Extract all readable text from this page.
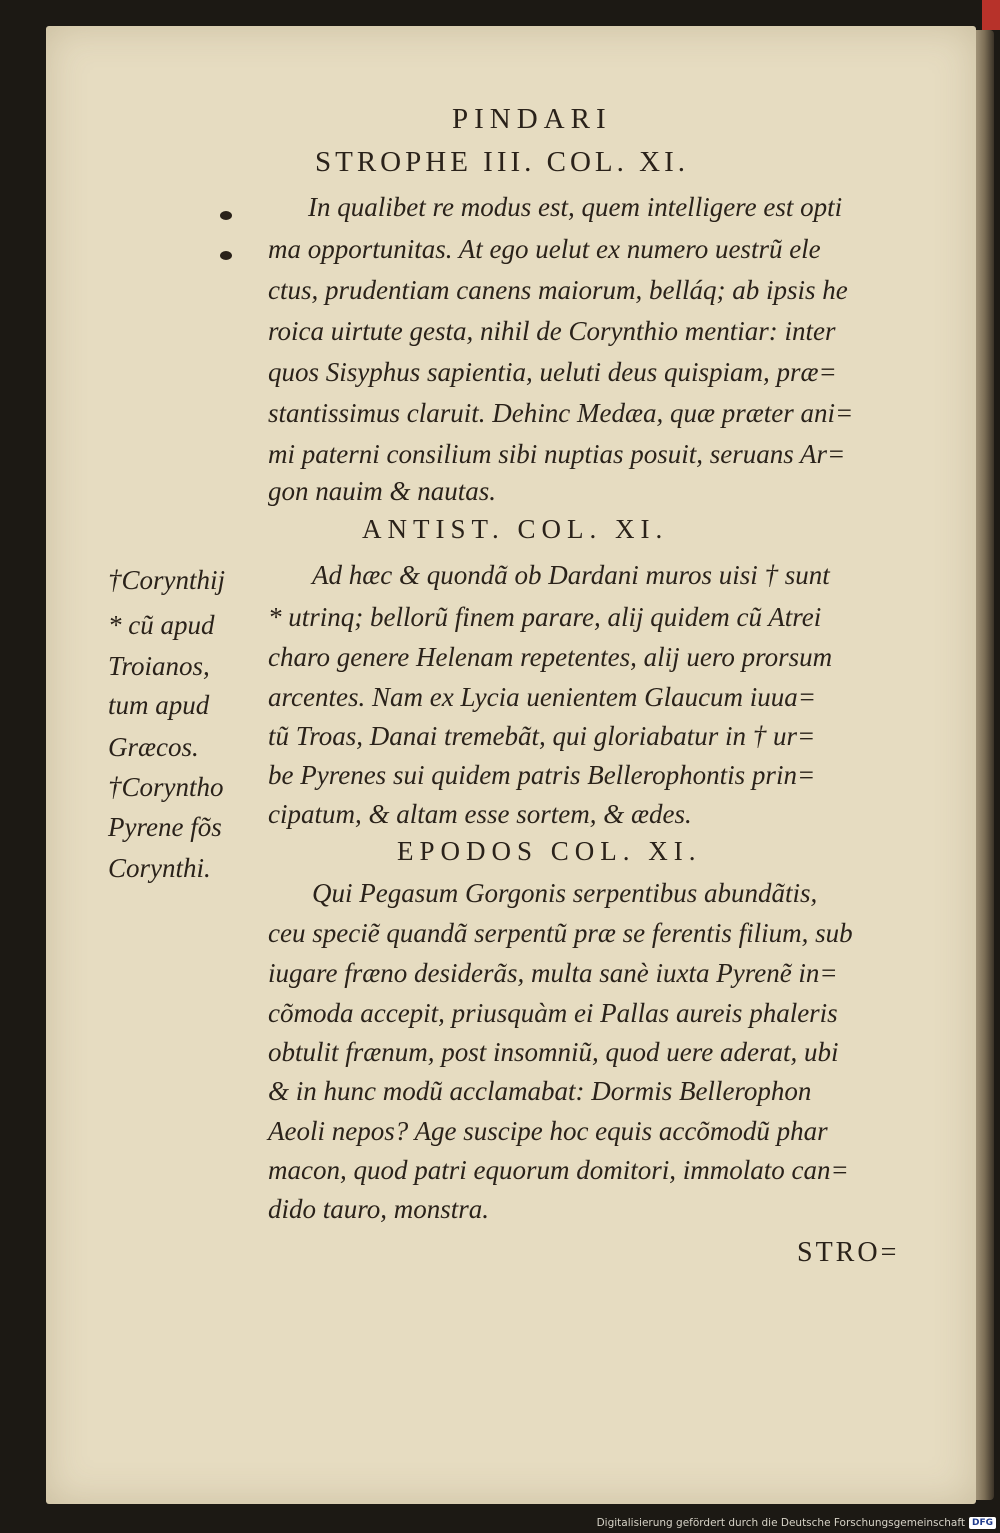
PINDARI
STROPHE III. COL. XI.
In qualibet re modus est, quem intelligere est opti
ma opportunitas. At ego uelut ex numero uestrũ ele
ctus, prudentiam canens maiorum, belláq; ab ipsis he
roica uirtute gesta, nihil de Corynthio mentiar: inter
quos Sisyphus sapientia, ueluti deus quispiam, præ=
stantissimus claruit. Dehinc Medæa, quæ præter ani=
mi paterni consilium sibi nuptias posuit, seruans Ar=
gon nauim & nautas.
ANTIST. COL. XI.
Ad hæc & quondã ob Dardani muros uisi † sunt
* utrinq; bellorũ finem parare, alij quidem cũ Atrei
charo genere Helenam repetentes, alij uero prorsum
arcentes. Nam ex Lycia uenientem Glaucum iuua=
tũ Troas, Danai tremebãt, qui gloriabatur in † ur=
be Pyrenes sui quidem patris Bellerophontis prin=
cipatum, & altam esse sortem, & ædes.
†Corynthij
* cũ apud
Troianos,
tum apud
Græcos.
†Coryntho
Pyrene fõs
Corynthi.
EPODOS COL. XI.
Qui Pegasum Gorgonis serpentibus abundãtis,
ceu speciẽ quandã serpentũ præ se ferentis filium, sub
iugare fræno desiderãs, multa sanè iuxta Pyrenẽ in=
cõmoda accepit, priusquàm ei Pallas aureis phaleris
obtulit frænum, post insomniũ, quod uere aderat, ubi
& in hunc modũ acclamabat: Dormis Bellerophon
Aeoli nepos? Age suscipe hoc equis accõmodũ phar
macon, quod patri equorum domitori, immolato can=
dido tauro, monstra.
STRO=
Digitalisierung gefördert durch die Deutsche Forschungsgemeinschaft DFG
